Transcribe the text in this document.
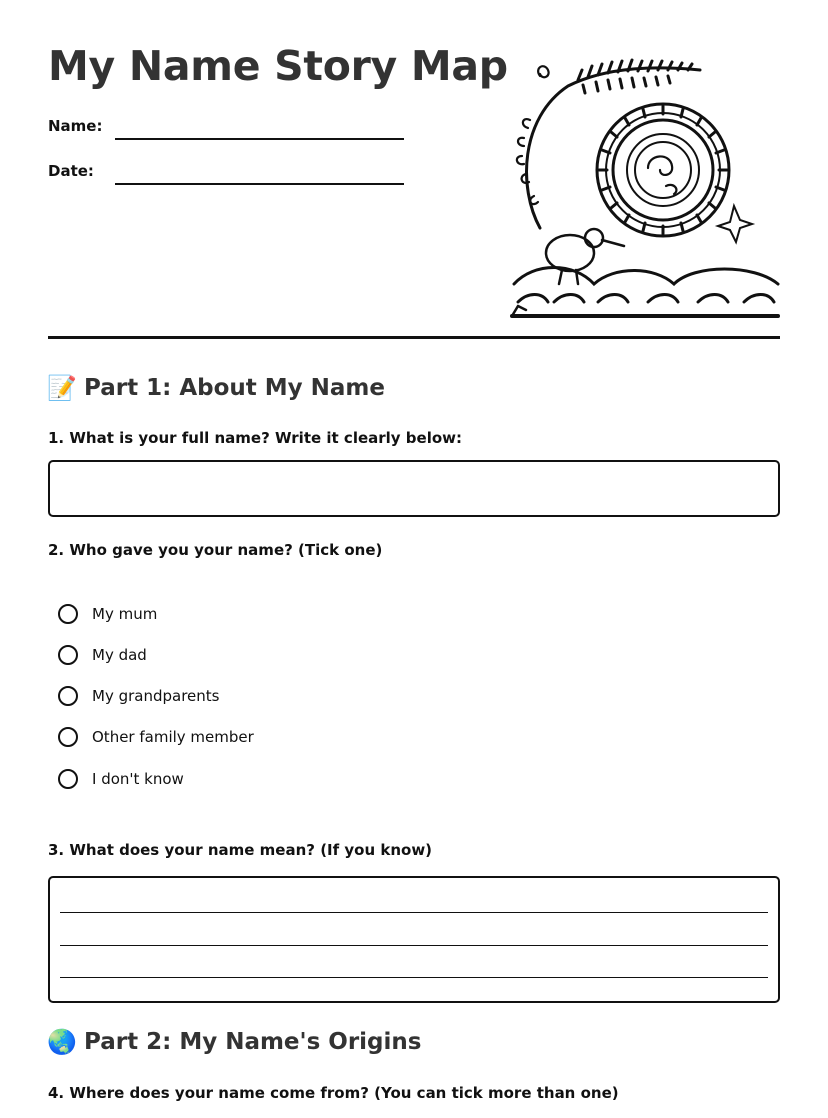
My Name Story Map
Name:
Date:
📝 Part 1: About My Name
1. What is your full name? Write it clearly below:
2. Who gave you your name? (Tick one)
My mum
My dad
My grandparents
Other family member
I don't know
3. What does your name mean? (If you know)
🌏 Part 2: My Name's Origins
4. Where does your name come from? (You can tick more than one)
